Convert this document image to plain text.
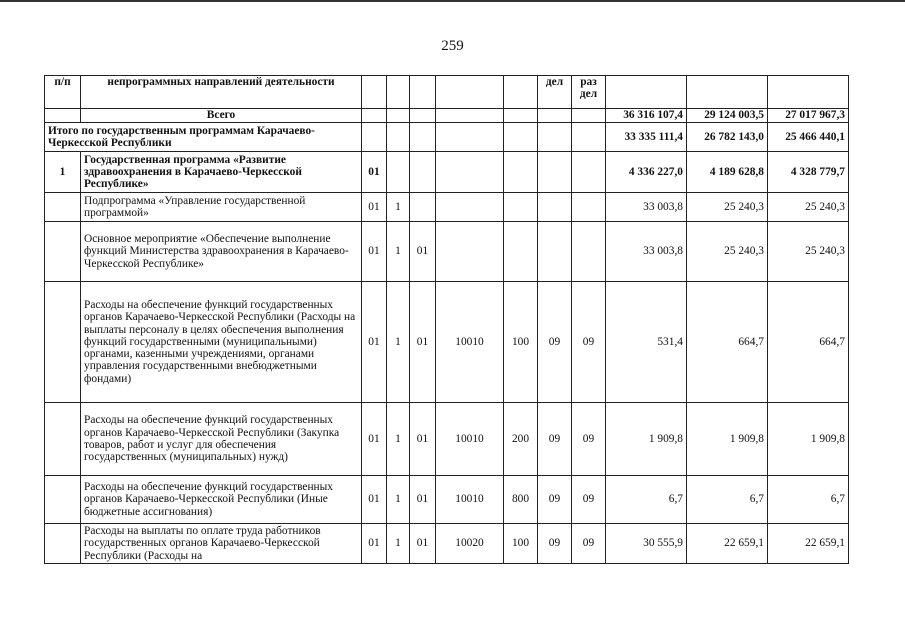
259
п/п	непрограммных направлений деятельности						дел	раз
дел			
	Всего								36 316 107,4	29 124 003,5	27 017 967,3
Итого по государственным программам Карачаево-Черкесской Республики									33 335 111,4	26 782 143,0	25 466 440,1
1	Государственная программа «Развитие здравоохранения в Карачаево-Черкесской Республике»	01							4 336 227,0	4 189 628,8	4 328 779,7
	Подпрограмма «Управление государственной программой»	01	1						33 003,8	25 240,3	25 240,3
	Основное мероприятие «Обеспечение выполнение функций Министерства здравоохранения в Карачаево-Черкесской Республике»	01	1	01					33 003,8	25 240,3	25 240,3
	Расходы на обеспечение функций государственных органов Карачаево-Черкесской Республики (Расходы на выплаты персоналу в целях обеспечения выполнения функций государственными (муниципальными) органами, казенными учреждениями, органами управления государственными внебюджетными фондами)	01	1	01	10010	100	09	09	531,4	664,7	664,7
	Расходы на обеспечение функций государственных органов Карачаево-Черкесской Республики (Закупка товаров, работ и услуг для обеспечения государственных (муниципальных) нужд)	01	1	01	10010	200	09	09	1 909,8	1 909,8	1 909,8
	Расходы на обеспечение функций государственных органов Карачаево-Черкесской Республики (Иные бюджетные ассигнования)	01	1	01	10010	800	09	09	6,7	6,7	6,7
	Расходы на выплаты по оплате труда работников государственных органов Карачаево-Черкесской Республики (Расходы на	01	1	01	10020	100	09	09	30 555,9	22 659,1	22 659,1
